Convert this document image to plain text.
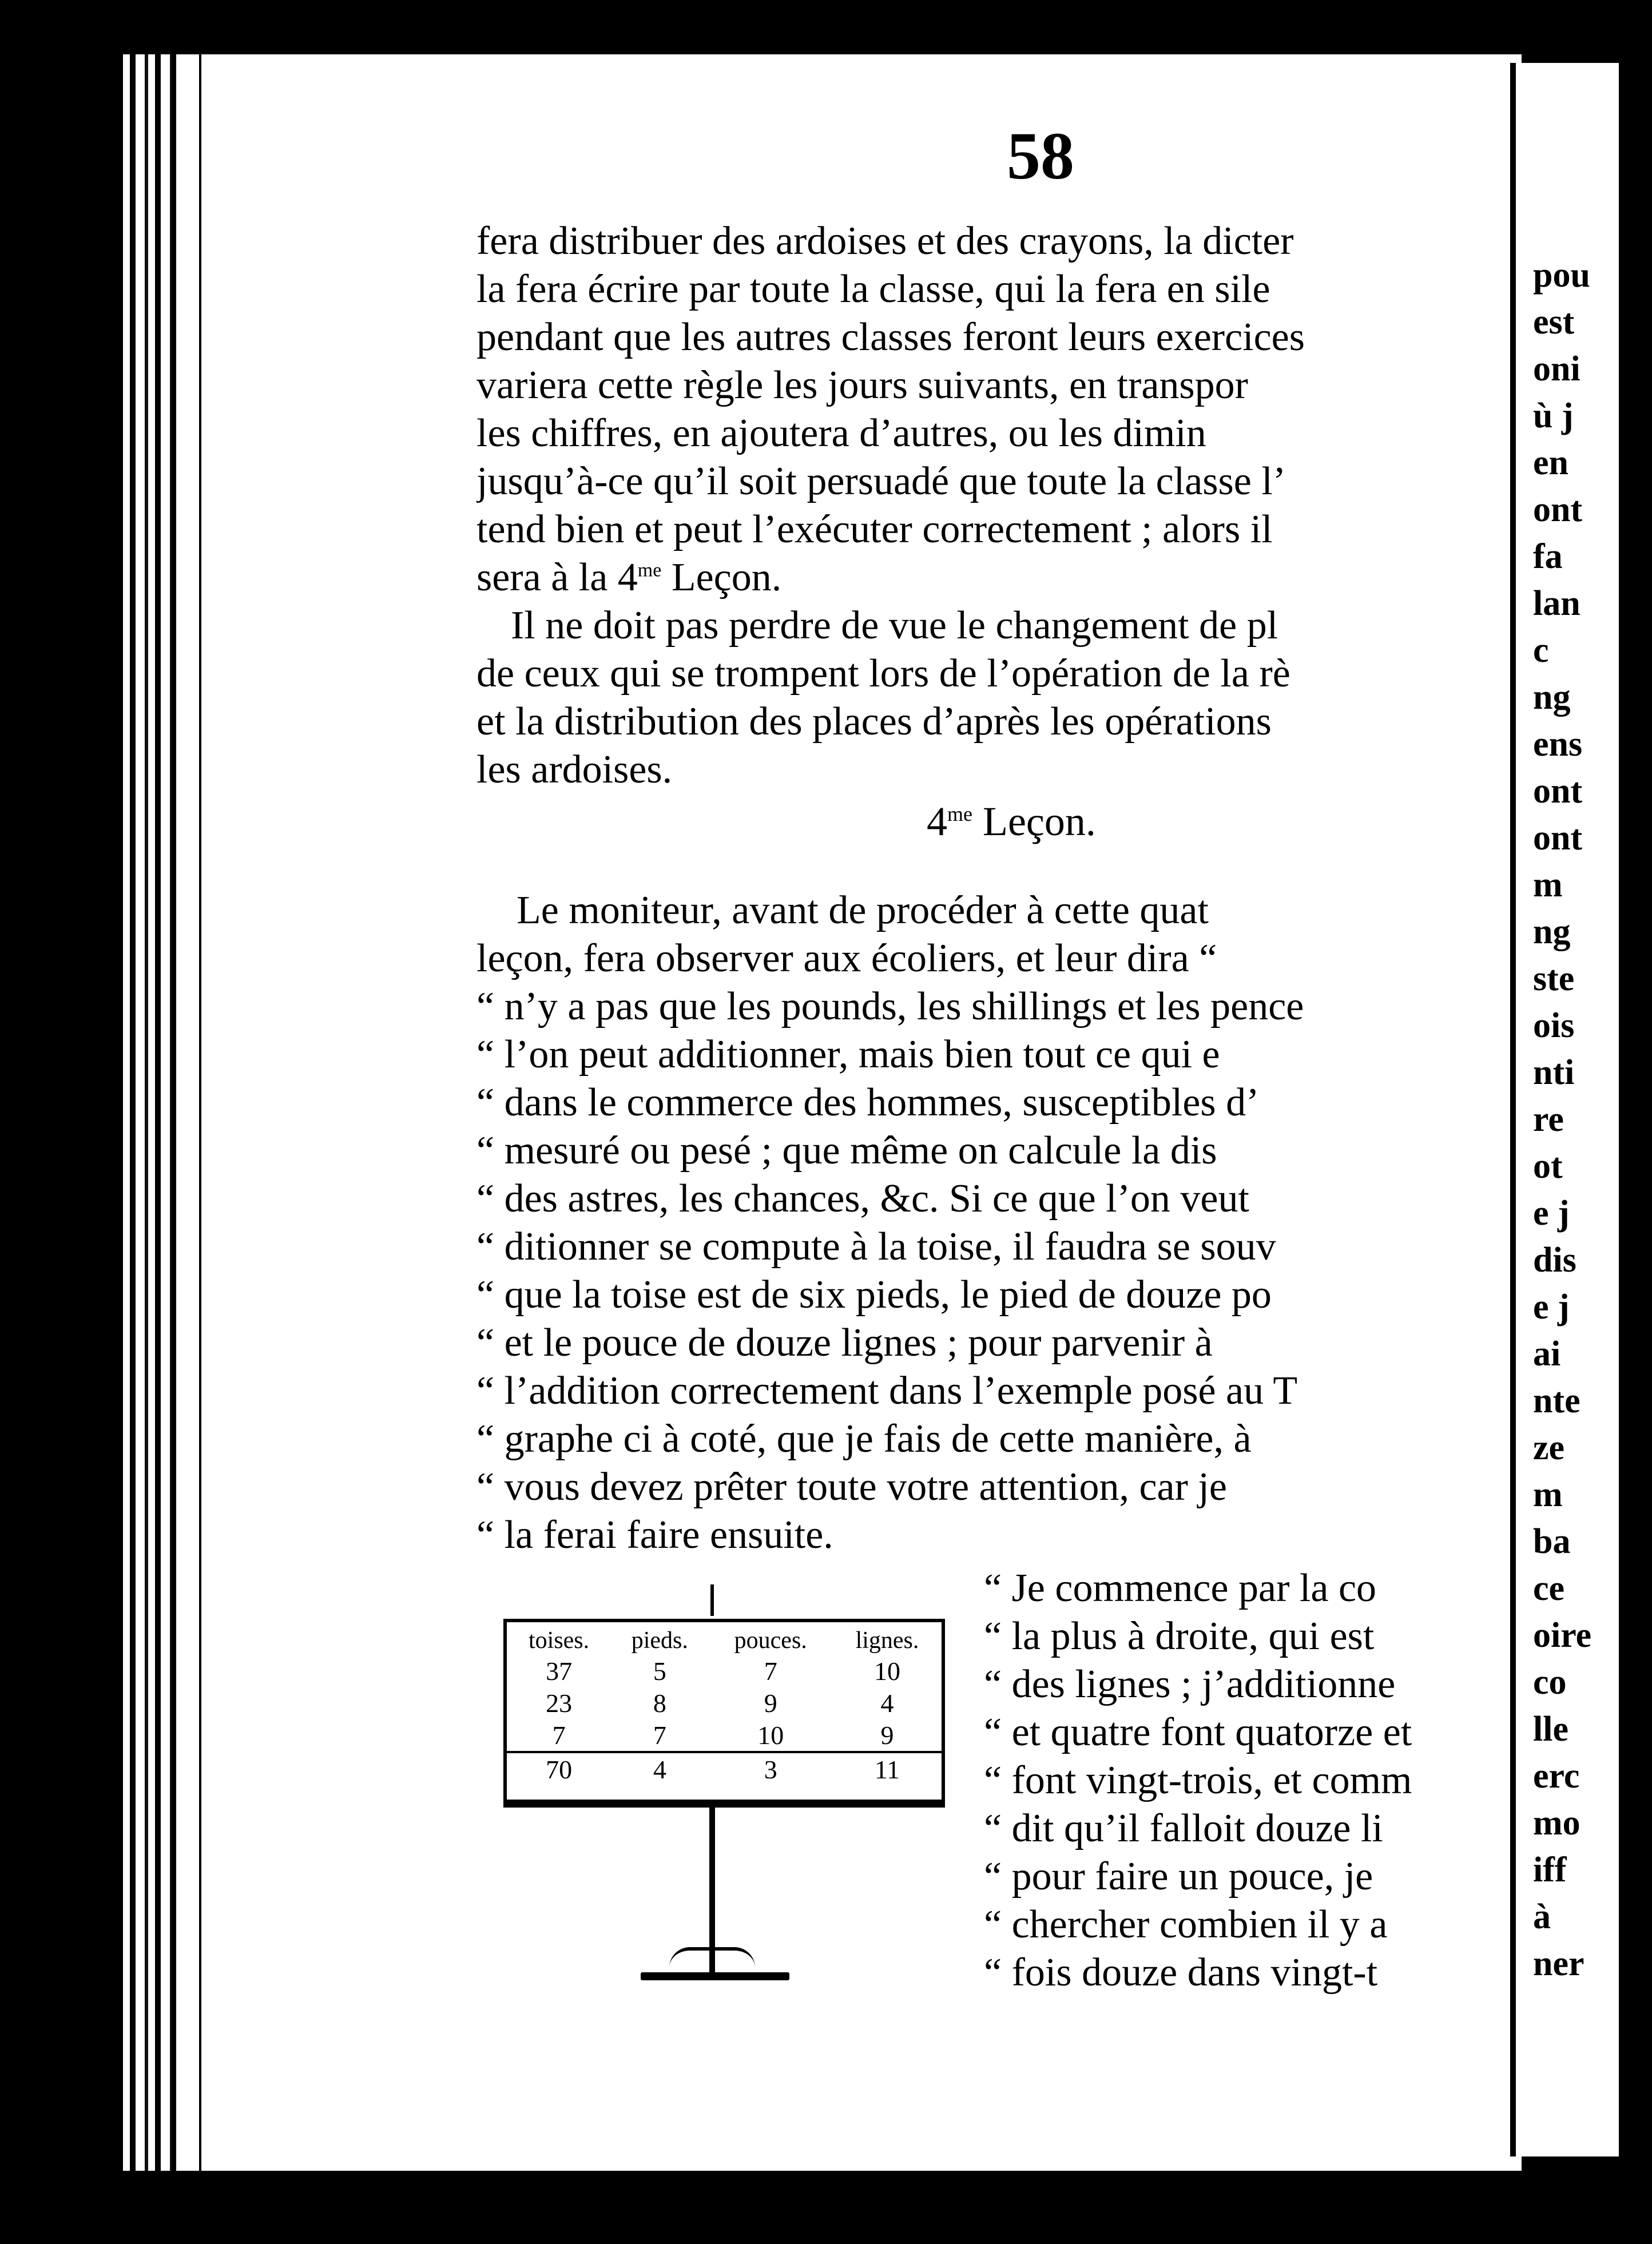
pou
est
oni
ù j
en
ont
fa
lan
c
ng
ens
ont
ont
m
ng
ste
ois
nti
re
ot
e j
dis
e j
ai
nte
ze
m
ba
ce
oire
co
lle
erc
mo
iff
à
ner
58
fera distribuer des ardoises et des crayons, la dicter
la fera écrire par toute la classe, qui la fera en sile
pendant que les autres classes feront leurs exercices
variera cette règle les jours suivants, en transpor
les chiffres, en ajoutera d’autres, ou les dimin
jusqu’à-ce qu’il soit persuadé que toute la classe l’
tend bien et peut l’exécuter correctement ; alors il
sera à la $4^{me}$ Leçon.
Il ne doit pas perdre de vue le changement de pl
de ceux qui se trompent lors de l’opération de la rè
et la distribution des places d’après les opérations
les ardoises.
$4^{me}$ Leçon.
Le moniteur, avant de procéder à cette quat
leçon, fera observer aux écoliers, et leur dira “
“ n’y a pas que les pounds, les shillings et les pence
“ l’on peut additionner, mais bien tout ce qui e
“ dans le commerce des hommes, susceptibles d’
“ mesuré ou pesé ; que même on calcule la dis
“ des astres, les chances, &c. Si ce que l’on veut
“ ditionner se compute à la toise, il faudra se souv
“ que la toise est de six pieds, le pied de douze po
“ et le pouce de douze lignes ; pour parvenir à
“ l’addition correctement dans l’exemple posé au T
“ graphe ci à coté, que je fais de cette manière, à
“ vous devez prêter toute votre attention, car je
“ la ferai faire ensuite.
toises.	pieds.	pouces.	lignes.
37	5	7	10
23	8	9	4
7	7	10	9
70	4	3	11
“ Je commence par la co
“ la plus à droite, qui est
“ des lignes ; j’additionne
“ et quatre font quatorze et
“ font vingt-trois, et comm
“ dit qu’il falloit douze li
“ pour faire un pouce, je
“ chercher combien il y a
“ fois douze dans vingt-t
